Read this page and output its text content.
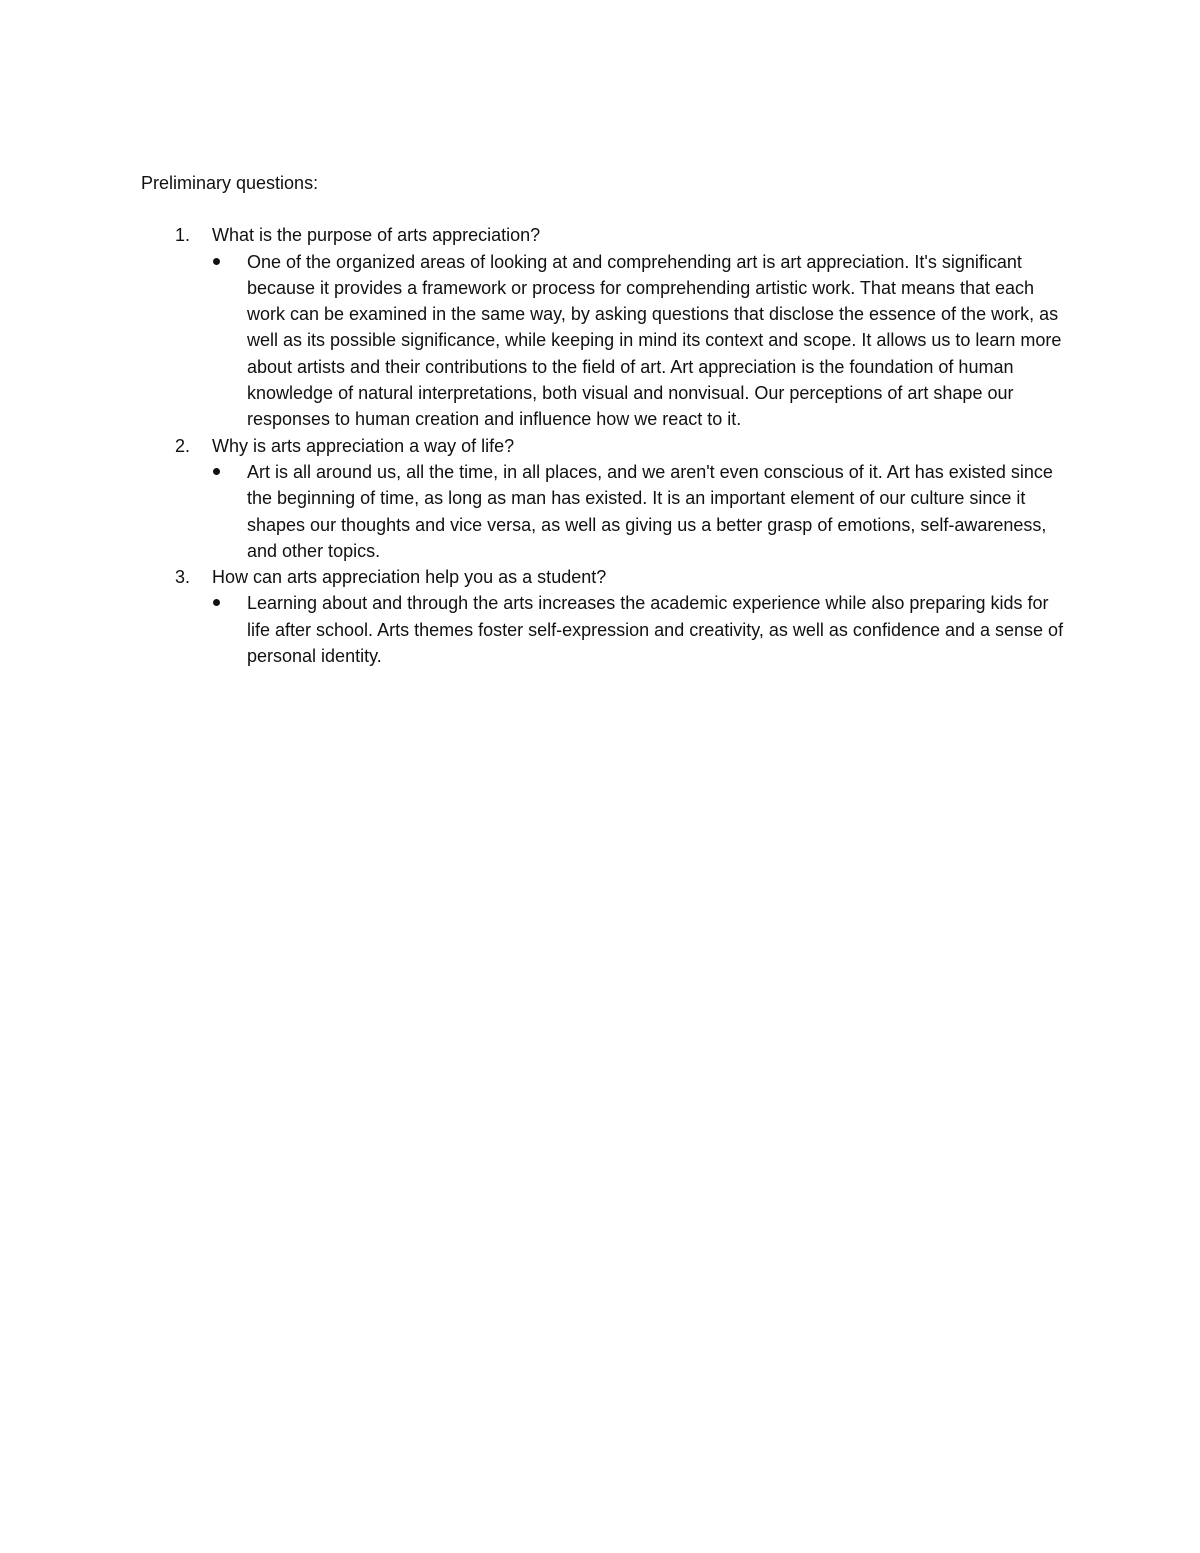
Preliminary questions:

1. What is the purpose of arts appreciation?
One of the organized areas of looking at and comprehending art is art appreciation. It's significant because it provides a framework or process for comprehending artistic work. That means that each work can be examined in the same way, by asking questions that disclose the essence of the work, as well as its possible significance, while keeping in mind its context and scope. It allows us to learn more about artists and their contributions to the field of art. Art appreciation is the foundation of human knowledge of natural interpretations, both visual and nonvisual. Our perceptions of art shape our responses to human creation and influence how we react to it.
2. Why is arts appreciation a way of life?
Art is all around us, all the time, in all places, and we aren't even conscious of it. Art has existed since the beginning of time, as long as man has existed. It is an important element of our culture since it shapes our thoughts and vice versa, as well as giving us a better grasp of emotions, self-awareness, and other topics.
3. How can arts appreciation help you as a student?
Learning about and through the arts increases the academic experience while also preparing kids for life after school. Arts themes foster self-expression and creativity, as well as confidence and a sense of personal identity.
